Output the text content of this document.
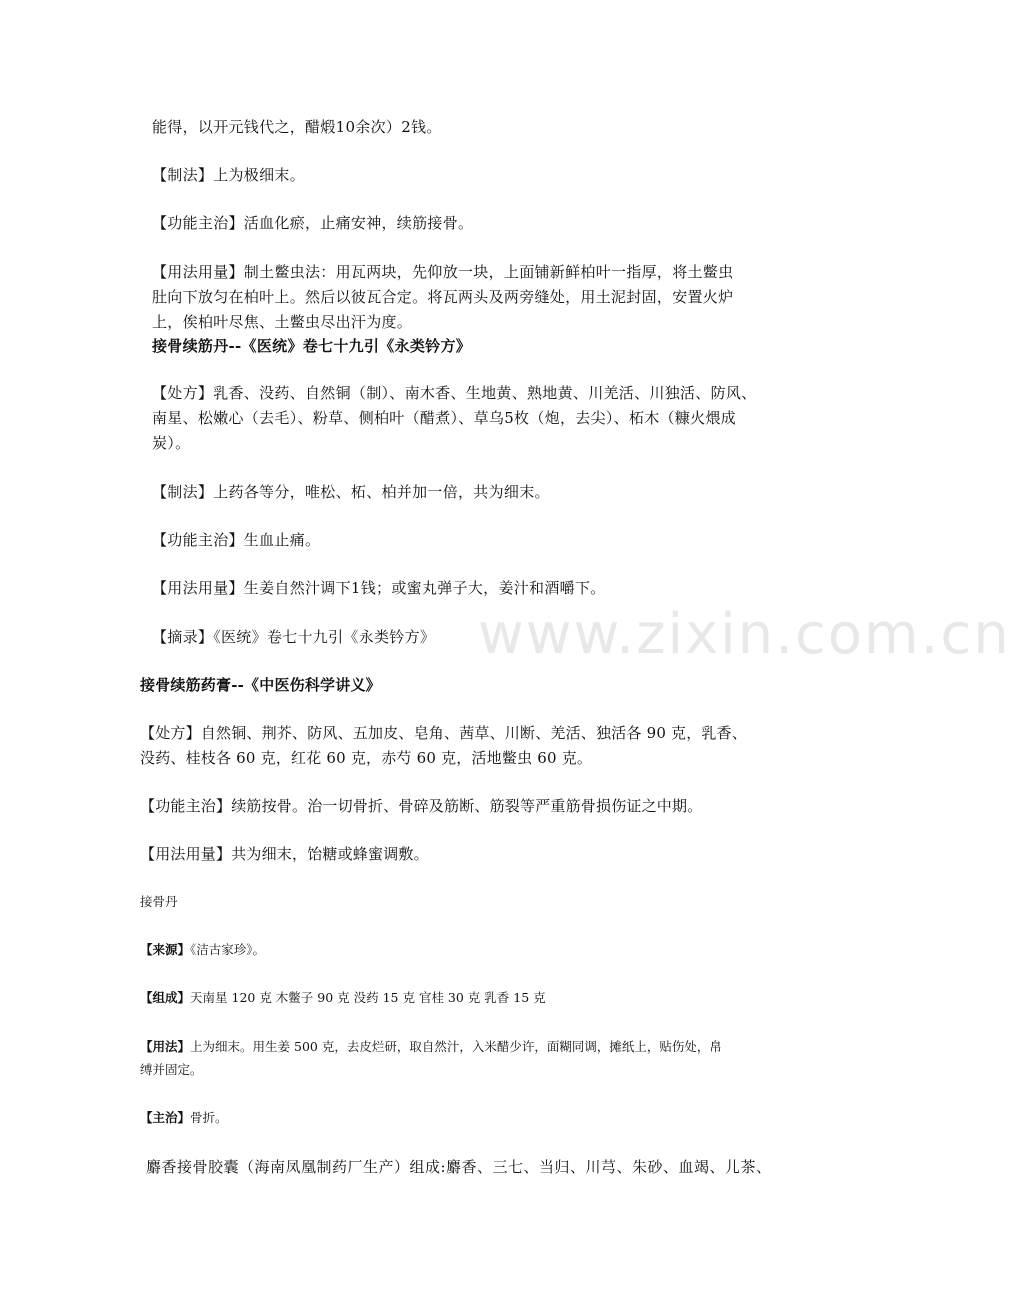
www.zixin.com.cn

能得，以开元钱代之，醋煅10余次）2钱。

【制法】上为极细末。

【功能主治】活血化瘀，止痛安神，续筋接骨。

【用法用量】制土鳖虫法：用瓦两块，先仰放一块，上面铺新鲜柏叶一指厚，将土鳖虫

肚向下放匀在柏叶上。然后以彼瓦合定。将瓦两头及两旁缝处，用土泥封固，安置火炉

上，俟柏叶尽焦、土鳖虫尽出汗为度。

接骨续筋丹--《医统》卷七十九引《永类钤方》

【处方】乳香、没药、自然铜（制）、南木香、生地黄、熟地黄、川羌活、川独活、防风、

南星、松嫩心（去毛）、粉草、侧柏叶（醋煮）、草乌5枚（炮，去尖）、柘木（糠火煨成

炭）。

【制法】上药各等分，唯松、柘、柏并加一倍，共为细末。

【功能主治】生血止痛。

【用法用量】生姜自然汁调下1钱；或蜜丸弹子大，姜汁和酒嚼下。

【摘录】《医统》卷七十九引《永类钤方》

接骨续筋药膏--《中医伤科学讲义》

【处方】自然铜、荆芥、防风、五加皮、皂角、茜草、川断、羌活、独活各 90 克，乳香、

没药、桂枝各 60 克，红花 60 克，赤芍 60 克，活地鳖虫 60 克。

【功能主治】续筋按骨。治一切骨折、骨碎及筋断、筋裂等严重筋骨损伤证之中期。

【用法用量】共为细末，饴糖或蜂蜜调敷。

接骨丹

【来源】《洁古家珍》。

【组成】天南星 120 克 木鳖子 90 克 没药 15 克 官桂 30 克 乳香 15 克

【用法】上为细末。用生姜 500 克，去皮烂研，取自然汁，入米醋少许，面糊同调，摊纸上，贴伤处，帛

缚并固定。

【主治】骨折。

麝香接骨胶囊（海南凤凰制药厂生产）组成:麝香、三七、当归、川芎、朱砂、血竭、儿茶、
